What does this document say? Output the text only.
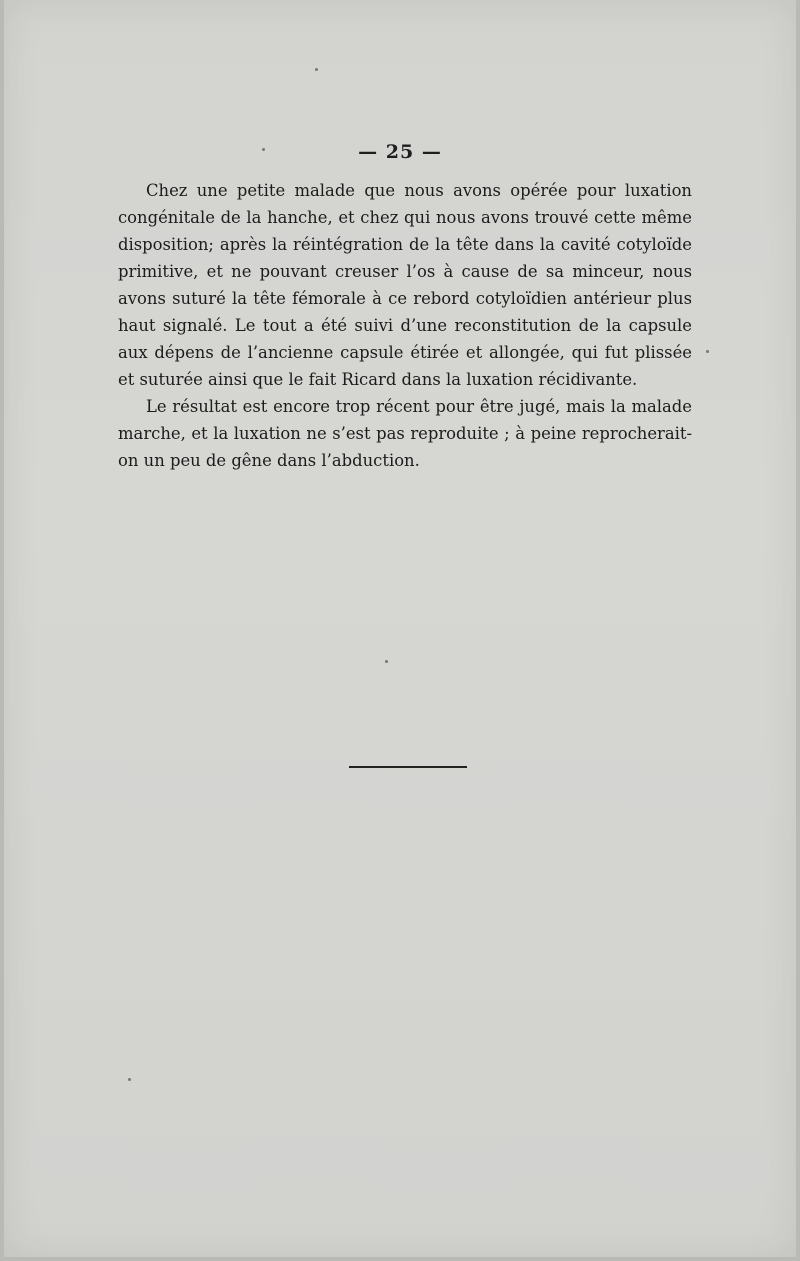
— 25 —

Chez une petite malade que nous avons opérée pour luxation congénitale de la hanche, et chez qui nous avons trouvé cette même disposition; après la réintégration de la tête dans la cavité cotyloïde primitive, et ne pouvant creuser l’os à cause de sa minceur, nous avons suturé la tête fémorale à ce rebord cotyloïdien antérieur plus haut signalé. Le tout a été suivi d’une reconstitution de la capsule aux dépens de l’ancienne capsule étirée et allongée, qui fut plissée et suturée ainsi que le fait Ricard dans la luxation récidivante.

Le résultat est encore trop récent pour être jugé, mais la malade marche, et la luxation ne s’est pas reproduite ; à peine reprocherait-on un peu de gêne dans l’abduction.
